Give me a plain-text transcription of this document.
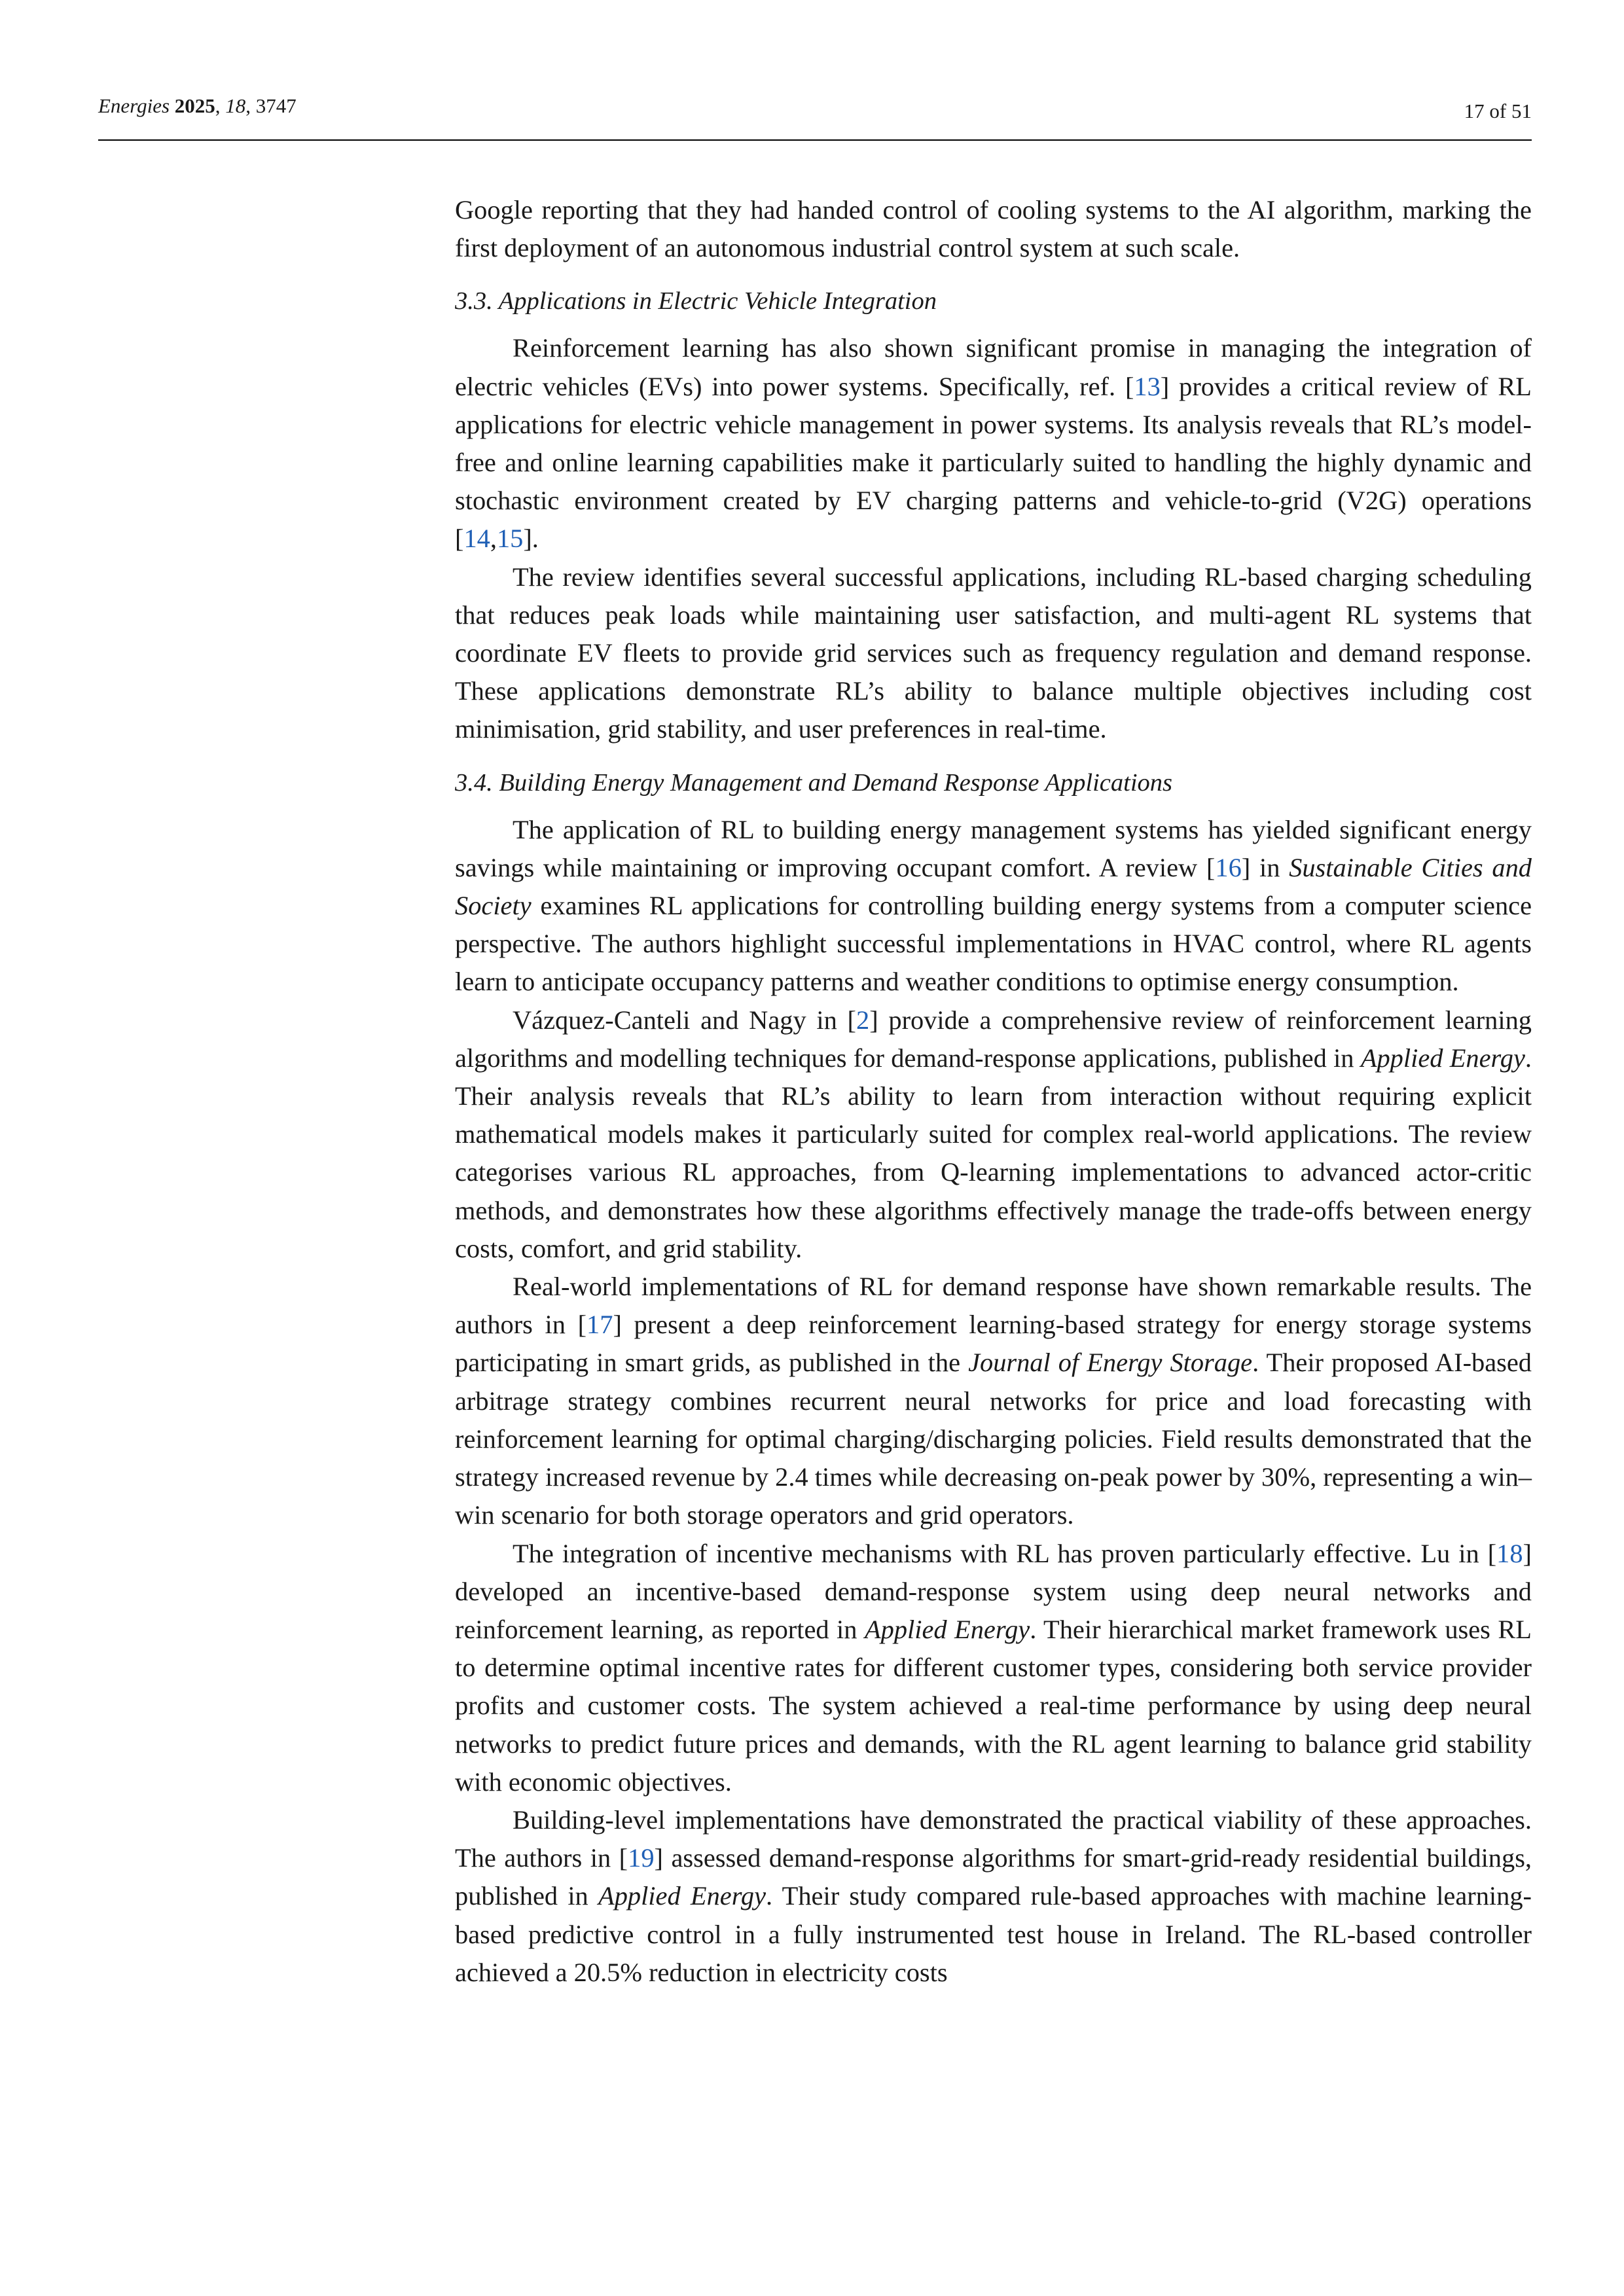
Energies 2025, 18, 3747	17 of 51

Google reporting that they had handed control of cooling systems to the AI algorithm, marking the first deployment of an autonomous industrial control system at such scale.

3.3. Applications in Electric Vehicle Integration

Reinforcement learning has also shown significant promise in managing the integration of electric vehicles (EVs) into power systems. Specifically, ref. [13] provides a critical review of RL applications for electric vehicle management in power systems. Its analysis reveals that RL’s model-free and online learning capabilities make it particularly suited to handling the highly dynamic and stochastic environment created by EV charging patterns and vehicle-to-grid (V2G) operations [14,15].

The review identifies several successful applications, including RL-based charging scheduling that reduces peak loads while maintaining user satisfaction, and multi-agent RL systems that coordinate EV fleets to provide grid services such as frequency regulation and demand response. These applications demonstrate RL’s ability to balance multiple objectives including cost minimisation, grid stability, and user preferences in real-time.

3.4. Building Energy Management and Demand Response Applications

The application of RL to building energy management systems has yielded significant energy savings while maintaining or improving occupant comfort. A review [16] in Sustainable Cities and Society examines RL applications for controlling building energy systems from a computer science perspective. The authors highlight successful implementations in HVAC control, where RL agents learn to anticipate occupancy patterns and weather conditions to optimise energy consumption.

Vázquez-Canteli and Nagy in [2] provide a comprehensive review of reinforcement learning algorithms and modelling techniques for demand-response applications, published in Applied Energy. Their analysis reveals that RL’s ability to learn from interaction without requiring explicit mathematical models makes it particularly suited for complex real-world applications. The review categorises various RL approaches, from Q-learning implementations to advanced actor-critic methods, and demonstrates how these algorithms effectively manage the trade-offs between energy costs, comfort, and grid stability.

Real-world implementations of RL for demand response have shown remarkable results. The authors in [17] present a deep reinforcement learning-based strategy for energy storage systems participating in smart grids, as published in the Journal of Energy Storage. Their proposed AI-based arbitrage strategy combines recurrent neural networks for price and load forecasting with reinforcement learning for optimal charging/discharging policies. Field results demonstrated that the strategy increased revenue by 2.4 times while decreasing on-peak power by 30%, representing a win–win scenario for both storage operators and grid operators.

The integration of incentive mechanisms with RL has proven particularly effective. Lu in [18] developed an incentive-based demand-response system using deep neural networks and reinforcement learning, as reported in Applied Energy. Their hierarchical market framework uses RL to determine optimal incentive rates for different customer types, considering both service provider profits and customer costs. The system achieved a real-time performance by using deep neural networks to predict future prices and demands, with the RL agent learning to balance grid stability with economic objectives.

Building-level implementations have demonstrated the practical viability of these approaches. The authors in [19] assessed demand-response algorithms for smart-grid-ready residential buildings, published in Applied Energy. Their study compared rule-based approaches with machine learning-based predictive control in a fully instrumented test house in Ireland. The RL-based controller achieved a 20.5% reduction in electricity costs
